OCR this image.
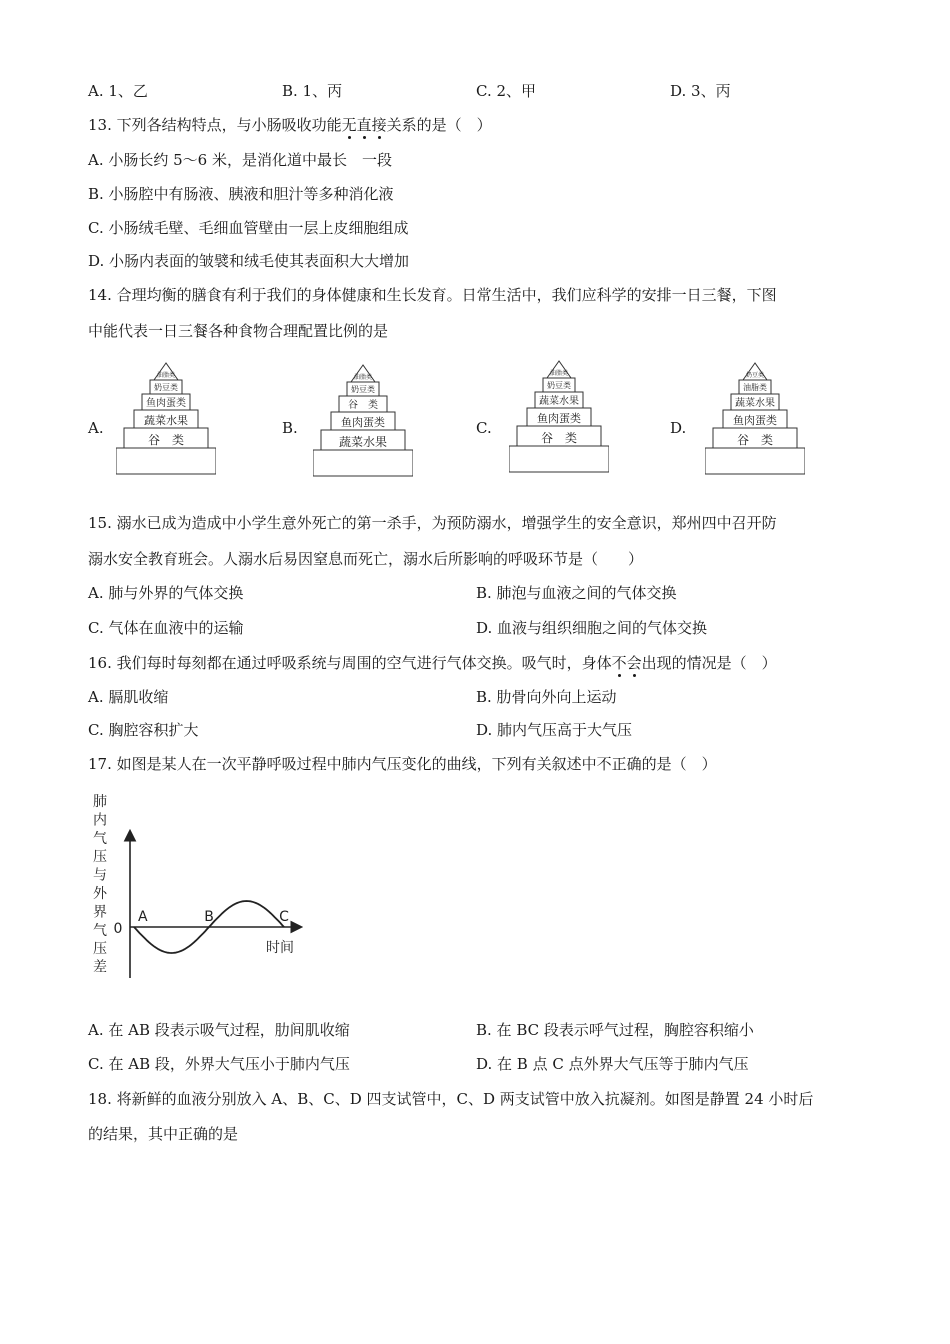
A. 1、乙	B. 1、丙	C. 2、甲	D. 3、丙
13. 下列各结构特点，与小肠吸收功能无直接关系的是（　）
A. 小肠长约 5～6 米，是消化道中最长　一段
B. 小肠腔中有肠液、胰液和胆汁等多种消化液
C. 小肠绒毛壁、毛细血管壁由一层上皮细胞组成
D. 小肠内表面的皱襞和绒毛使其表面积大大增加
14. 合理均衡的膳食有利于我们的身体健康和生长发育。日常生活中，我们应科学的安排一日三餐，下图
中能代表一日三餐各种食物合理配置比例的是
A.	B.	C.	D.
油脂类
奶豆类
鱼肉蛋类
蔬菜水果
谷　类
油脂类
奶豆类
谷　类
鱼肉蛋类
蔬菜水果
油脂类
奶豆类
蔬菜水果
鱼肉蛋类
谷　类
奶豆类
油脂类
蔬菜水果
鱼肉蛋类
谷　类
15. 溺水已成为造成中小学生意外死亡的第一杀手，为预防溺水，增强学生的安全意识，郑州四中召开防
溺水安全教育班会。人溺水后易因窒息而死亡，溺水后所影响的呼吸环节是（　　）
A. 肺与外界的气体交换	B. 肺泡与血液之间的气体交换
C. 气体在血液中的运输	D. 血液与组织细胞之间的气体交换
16. 我们每时每刻都在通过呼吸系统与周围的空气进行气体交换。吸气时，身体不会出现的情况是（　）
A. 膈肌收缩	B. 肋骨向外向上运动
C. 胸腔容积扩大	D. 肺内气压高于大气压
17. 如图是某人在一次平静呼吸过程中肺内气压变化的曲线，下列有关叙述中不正确的是（　）
肺内气压与外界气压差
0
时间
A	B	C
A. 在 AB 段表示吸气过程，肋间肌收缩	B. 在 BC 段表示呼气过程，胸腔容积缩小
C. 在 AB 段，外界大气压小于肺内气压	D. 在 B 点 C 点外界大气压等于肺内气压
18. 将新鲜的血液分别放入 A、B、C、D 四支试管中，C、D 两支试管中放入抗凝剂。如图是静置 24 小时后
的结果，其中正确的是
